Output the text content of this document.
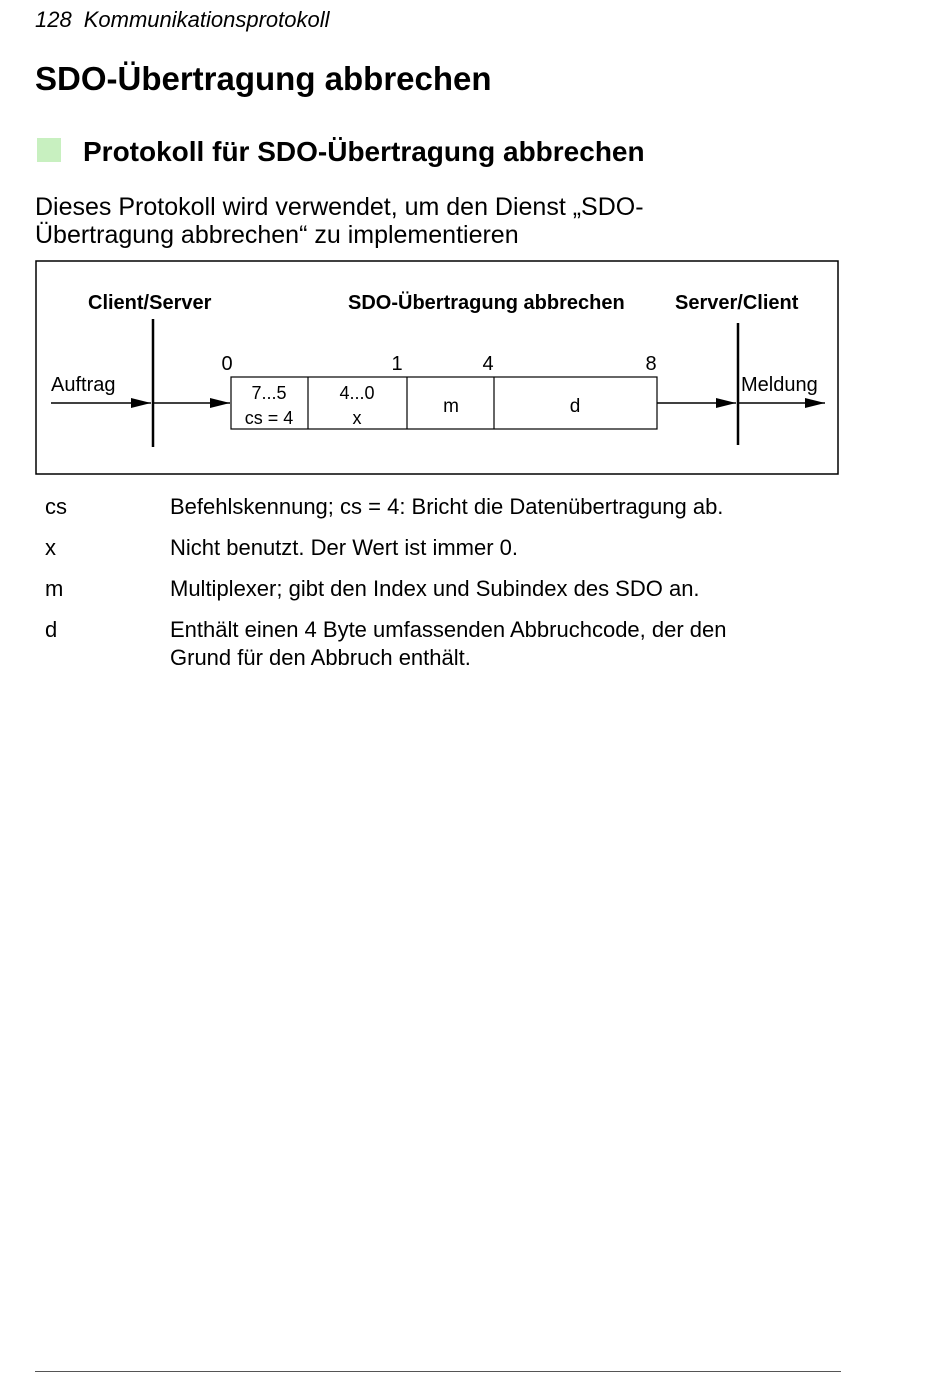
128 Kommunikationsprotokoll
SDO-Übertragung abbrechen
Protokoll für SDO-Übertragung abbrechen

Dieses Protokoll wird verwendet, um den Dienst „SDO-Übertragung abbrechen“ zu implementieren

Client/Server	SDO-Übertragung abbrechen	Server/Client
Auftrag
0	1	4	8
7...5
cs = 4
4...0
x
m	d
Meldung
cs	Befehlskennung; cs = 4: Bricht die Datenübertragung ab.
x	Nicht benutzt. Der Wert ist immer 0.
m	Multiplexer; gibt den Index und Subindex des SDO an.
d	Enthält einen 4 Byte umfassenden Abbruchcode, der den
Grund für den Abbruch enthält.
